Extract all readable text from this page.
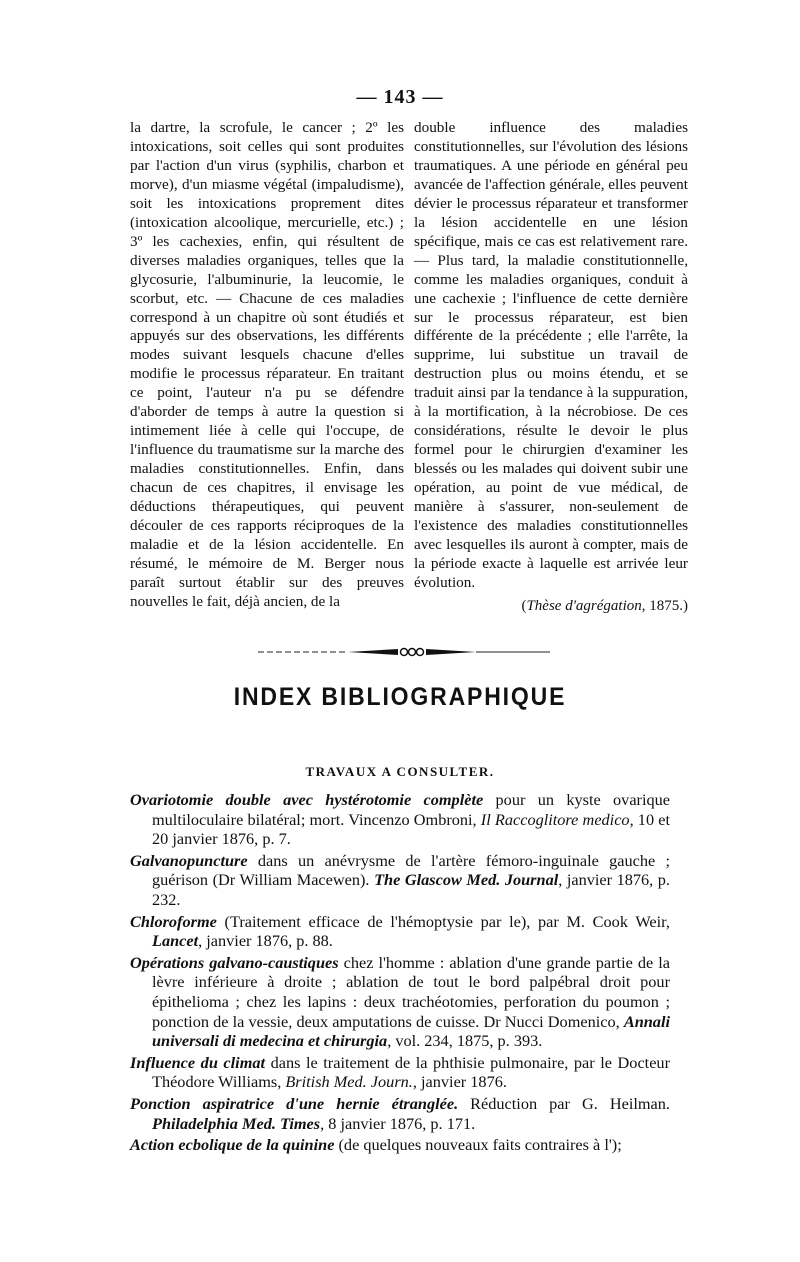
— 143 —

la dartre, la scrofule, le cancer ; 2º les intoxications, soit celles qui sont produites par l'action d'un virus (syphilis, charbon et morve), d'un miasme végétal (impaludisme), soit les intoxications proprement dites (intoxication alcoolique, mercurielle, etc.) ; 3º les cachexies, enfin, qui résultent de diverses maladies organiques, telles que la glycosurie, l'albuminurie, la leucomie, le scorbut, etc. — Chacune de ces maladies correspond à un chapitre où sont étudiés et appuyés sur des observations, les différents modes suivant lesquels chacune d'elles modifie le processus réparateur. En traitant ce point, l'auteur n'a pu se défendre d'aborder de temps à autre la question si intimement liée à celle qui l'occupe, de l'influence du traumatisme sur la marche des maladies constitutionnelles. Enfin, dans chacun de ces chapitres, il envisage les déductions thérapeutiques, qui peuvent découler de ces rapports réciproques de la maladie et de la lésion accidentelle. En résumé, le mémoire de M. Berger nous paraît surtout établir sur des preuves nouvelles le fait, déjà ancien, de la

double influence des maladies constitutionnelles, sur l'évolution des lésions traumatiques. A une période en général peu avancée de l'affection générale, elles peuvent dévier le processus réparateur et transformer la lésion accidentelle en une lésion spécifique, mais ce cas est relativement rare. — Plus tard, la maladie constitutionnelle, comme les maladies organiques, conduit à une cachexie ; l'influence de cette dernière sur le processus réparateur, est bien différente de la précédente ; elle l'arrête, la supprime, lui substitue un travail de destruction plus ou moins étendu, et se traduit ainsi par la tendance à la suppuration, à la mortification, à la nécrobiose. De ces considérations, résulte le devoir le plus formel pour le chirurgien d'examiner les blessés ou les malades qui doivent subir une opération, au point de vue médical, de manière à s'assurer, non-seulement de l'existence des maladies constitutionnelles avec lesquelles ils auront à compter, mais de la période exacte à laquelle est arrivée leur évolution.

(Thèse d'agrégation, 1875.)

INDEX BIBLIOGRAPHIQUE
TRAVAUX A CONSULTER.

Ovariotomie double avec hystérotomie complète pour un kyste ovarique multiloculaire bilatéral; mort. Vincenzo Ombroni, Il Raccoglitore medico, 10 et 20 janvier 1876, p. 7.

Galvanopuncture dans un anévrysme de l'artère fémoro-inguinale gauche ; guérison (Dr William Macewen). The Glascow Med. Journal, janvier 1876, p. 232.

Chloroforme (Traitement efficace de l'hémoptysie par le), par M. Cook Weir, Lancet, janvier 1876, p. 88.

Opérations galvano-caustiques chez l'homme : ablation d'une grande partie de la lèvre inférieure à droite ; ablation de tout le bord palpébral droit pour épithelioma ; chez les lapins : deux trachéotomies, perforation du poumon ; ponction de la vessie, deux amputations de cuisse. Dr Nucci Domenico, Annali universali di medecina et chirurgia, vol. 234, 1875, p. 393.

Influence du climat dans le traitement de la phthisie pulmonaire, par le Docteur Théodore Williams, British Med. Journ., janvier 1876.

Ponction aspiratrice d'une hernie étranglée. Réduction par G. Heilman. Philadelphia Med. Times, 8 janvier 1876, p. 171.

Action ecbolique de la quinine (de quelques nouveaux faits contraires à l');
